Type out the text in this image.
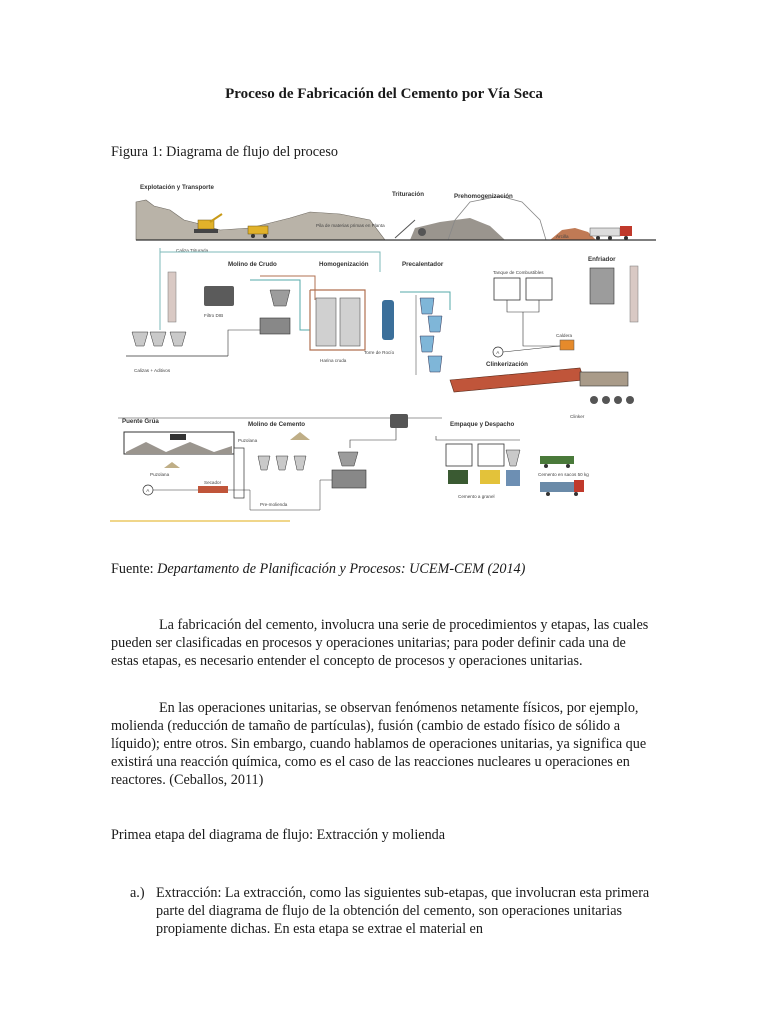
Proceso de Fabricación del Cemento por Vía Seca
Figura 1: Diagrama de flujo del proceso
Explotación y Transporte
Trituración	Prehomogenización
Pila de materias primas en Planta
Arcilla
Caliza Triturada
Molino de Crudo	Homogenización	Precalentador
Tanque de Combustibles
Enfriador
Filtro DIB
Harina cruda
Torre de Rocío
Caldera
A
Clinkerización
Clinker
Calizas + Aditivos
Puente Grúa	Molino de Cemento	Empaque y Despacho
Puzolana
Puzolana
A
Secador
Pre-molienda
Cemento a granel
Cemento en sacos 50 kg
Fuente: Departamento de Planificación y Procesos: UCEM-CEM (2014)
La fabricación del cemento, involucra una serie de procedimientos y etapas, las cuales pueden ser clasificadas en procesos y operaciones unitarias; para poder definir cada una de estas etapas, es necesario entender el concepto de procesos y operaciones unitarias.
En las operaciones unitarias, se observan fenómenos netamente físicos, por ejemplo, molienda (reducción de tamaño de partículas), fusión (cambio de estado físico de sólido a líquido); entre otros. Sin embargo, cuando hablamos de operaciones unitarias, ya significa que existirá una reacción química, como es el caso de las reacciones nucleares u operaciones en reactores. (Ceballos, 2011)
Primea etapa del diagrama de flujo: Extracción y molienda
a.) Extracción: La extracción, como las siguientes sub-etapas, que involucran esta primera parte del diagrama de flujo de la obtención del cemento, son operaciones unitarias propiamente dichas. En esta etapa se extrae el material en
